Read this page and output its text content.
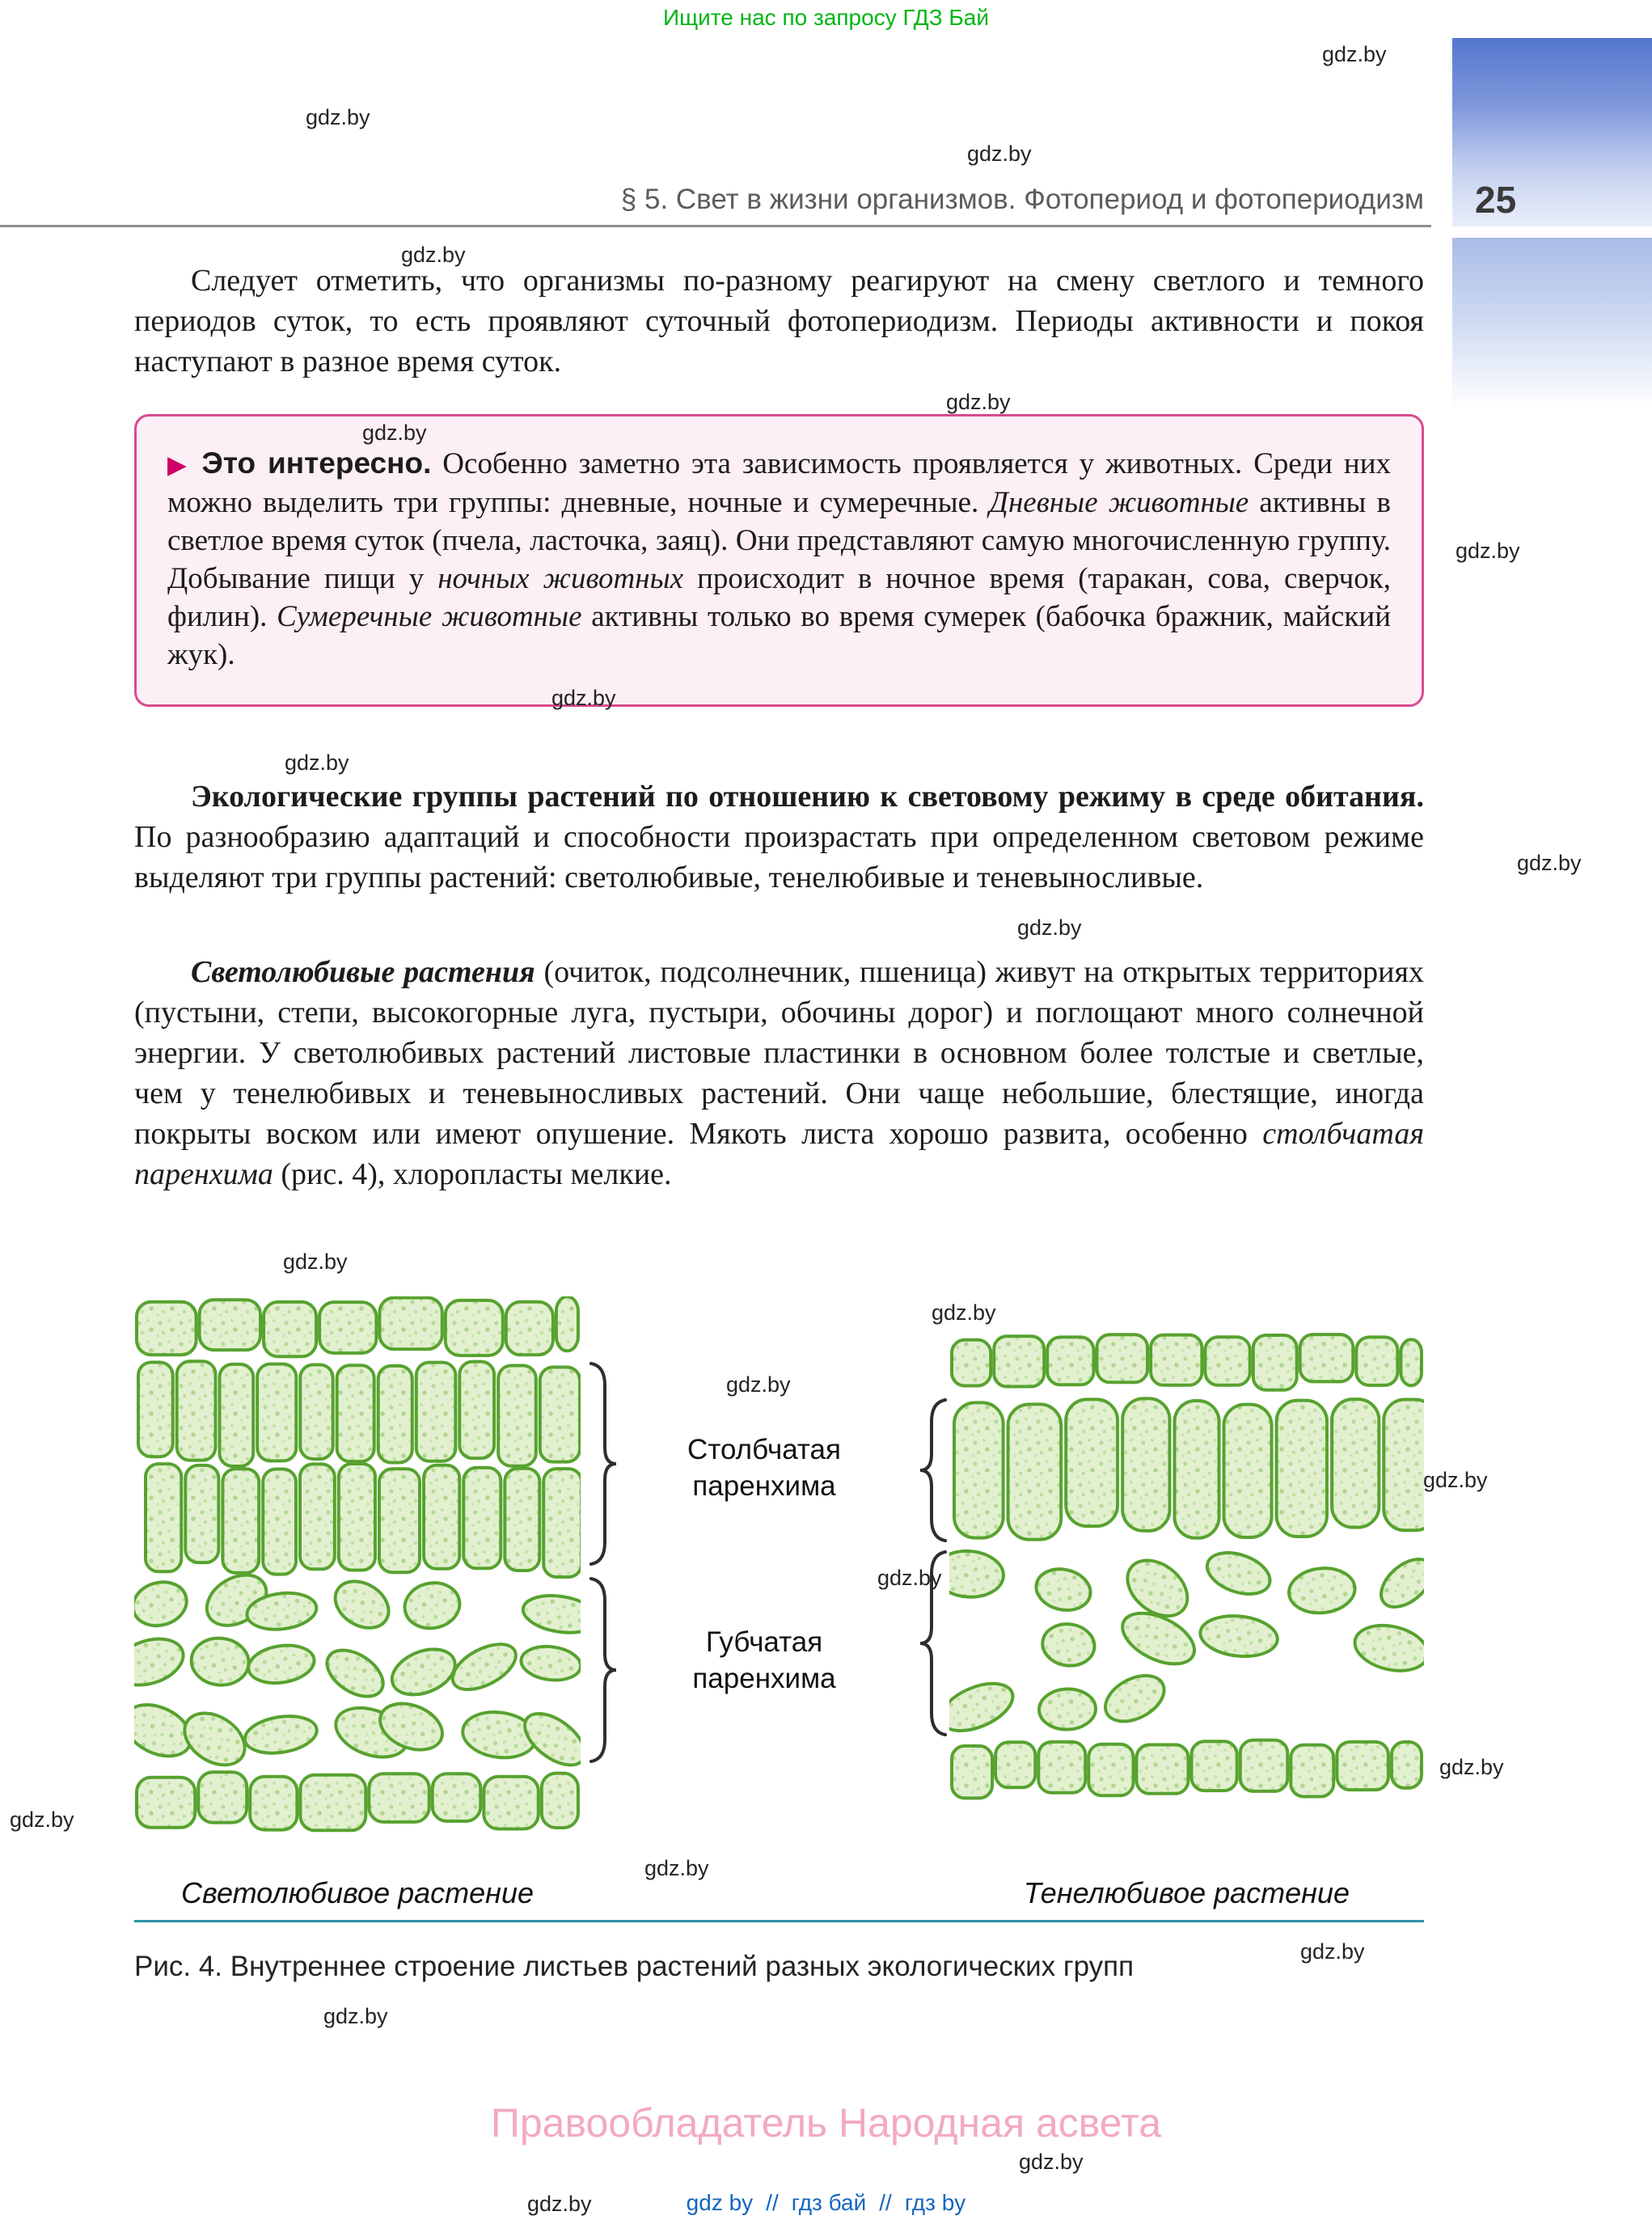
Ищите нас по запросу ГДЗ Бай
§ 5. Свет в жизни организмов. Фотопериод и фотопериодизм 25

Следует отметить, что организмы по-разному реагируют на смену светлого и темного периодов суток, то есть проявляют суточный фотопериодизм. Периоды активности и покоя наступают в разное время суток.

▶ Это интересно. Особенно заметно эта зависимость проявляется у животных. Среди них можно выделить три группы: дневные, ночные и сумеречные. Дневные животные активны в светлое время суток (пчела, ласточка, заяц). Они представляют самую многочисленную группу. Добывание пищи у ночных животных происходит в ночное время (таракан, сова, сверчок, филин). Сумеречные животные активны только во время сумерек (бабочка бражник, майский жук).

Экологические группы растений по отношению к световому режиму в среде обитания. По разнообразию адаптаций и способности произрастать при определенном световом режиме выделяют три группы растений: светолюбивые, тенелюбивые и теневыносливые.

Светолюбивые растения (очиток, подсолнечник, пшеница) живут на открытых территориях (пустыни, степи, высокогорные луга, пустыри, обочины дорог) и поглощают много солнечной энергии. У светолюбивых растений листовые пластинки в основном более толстые и светлые, чем у тенелюбивых и теневыносливых растений. Они чаще небольшие, блестящие, иногда покрыты воском или имеют опушение. Мякоть листа хорошо развита, особенно столбчатая паренхима (рис. 4), хлоропласты мелкие.

Столбчатая паренхима
Губчатая паренхима
Светолюбивое растение	Тенелюбивое растение
Рис. 4. Внутреннее строение листьев растений разных экологических групп
Правообладатель Народная асвета
gdz by // гдз бай // гдз by
gdz.by
gdz.by
gdz.by
gdz.by
gdz.by
gdz.by
gdz.by
gdz.by
gdz.by
gdz.by
gdz.by
gdz.by
gdz.by
gdz.by
gdz.by
gdz.by
gdz.by
gdz.by
gdz.by
gdz.by
gdz.by
gdz.by
gdz.by
